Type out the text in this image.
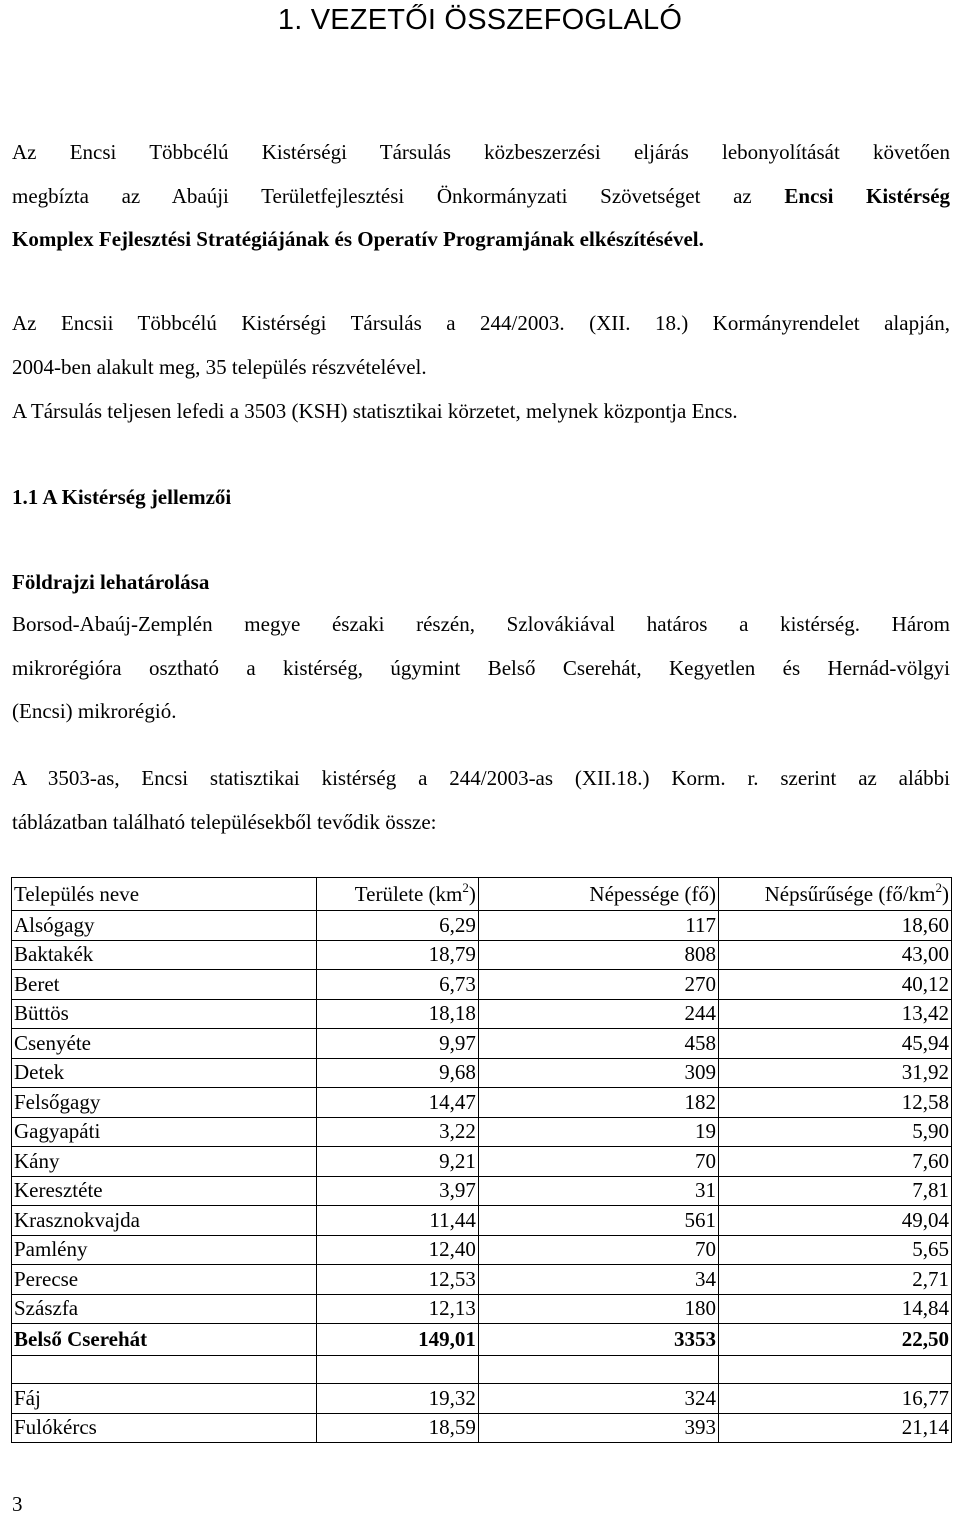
1. VEZETŐI ÖSSZEFOGLALÓ
Az Encsi Többcélú Kistérségi Társulás közbeszerzési eljárás lebonyolítását követően
megbízta az Abaúji Területfejlesztési Önkormányzati Szövetséget az Encsi Kistérség
Komplex Fejlesztési Stratégiájának és Operatív Programjának elkészítésével.
Az Encsii Többcélú Kistérségi Társulás a 244/2003. (XII. 18.) Kormányrendelet alapján,
2004-ben alakult meg, 35 település részvételével.
A Társulás teljesen lefedi a 3503 (KSH) statisztikai körzetet, melynek központja Encs.
1.1 A Kistérség jellemzői
Földrajzi lehatárolása
Borsod-Abaúj-Zemplén megye északi részén, Szlovákiával határos a kistérség. Három
mikrorégióra osztható a kistérség, úgymint Belső Cserehát, Kegyetlen és Hernád-völgyi
(Encsi) mikrorégió.
A 3503-as, Encsi statisztikai kistérség a 244/2003-as (XII.18.) Korm. r. szerint az alábbi
táblázatban található településekből tevődik össze:
Település neve	Területe $(km^2)$	Népessége (fő)	Népsűrűsége $(fő/km^2)$
Alsógagy	6,29	117	18,60
Baktakék	18,79	808	43,00
Beret	6,73	270	40,12
Büttös	18,18	244	13,42
Csenyéte	9,97	458	45,94
Detek	9,68	309	31,92
Felsőgagy	14,47	182	12,58
Gagyapáti	3,22	19	5,90
Kány	9,21	70	7,60
Keresztéte	3,97	31	7,81
Krasznokvajda	11,44	561	49,04
Pamlény	12,40	70	5,65
Perecse	12,53	34	2,71
Szászfa	12,13	180	14,84
Belső Cserehát	149,01	3353	22,50

Fáj	19,32	324	16,77
Fulókércs	18,59	393	21,14
3
